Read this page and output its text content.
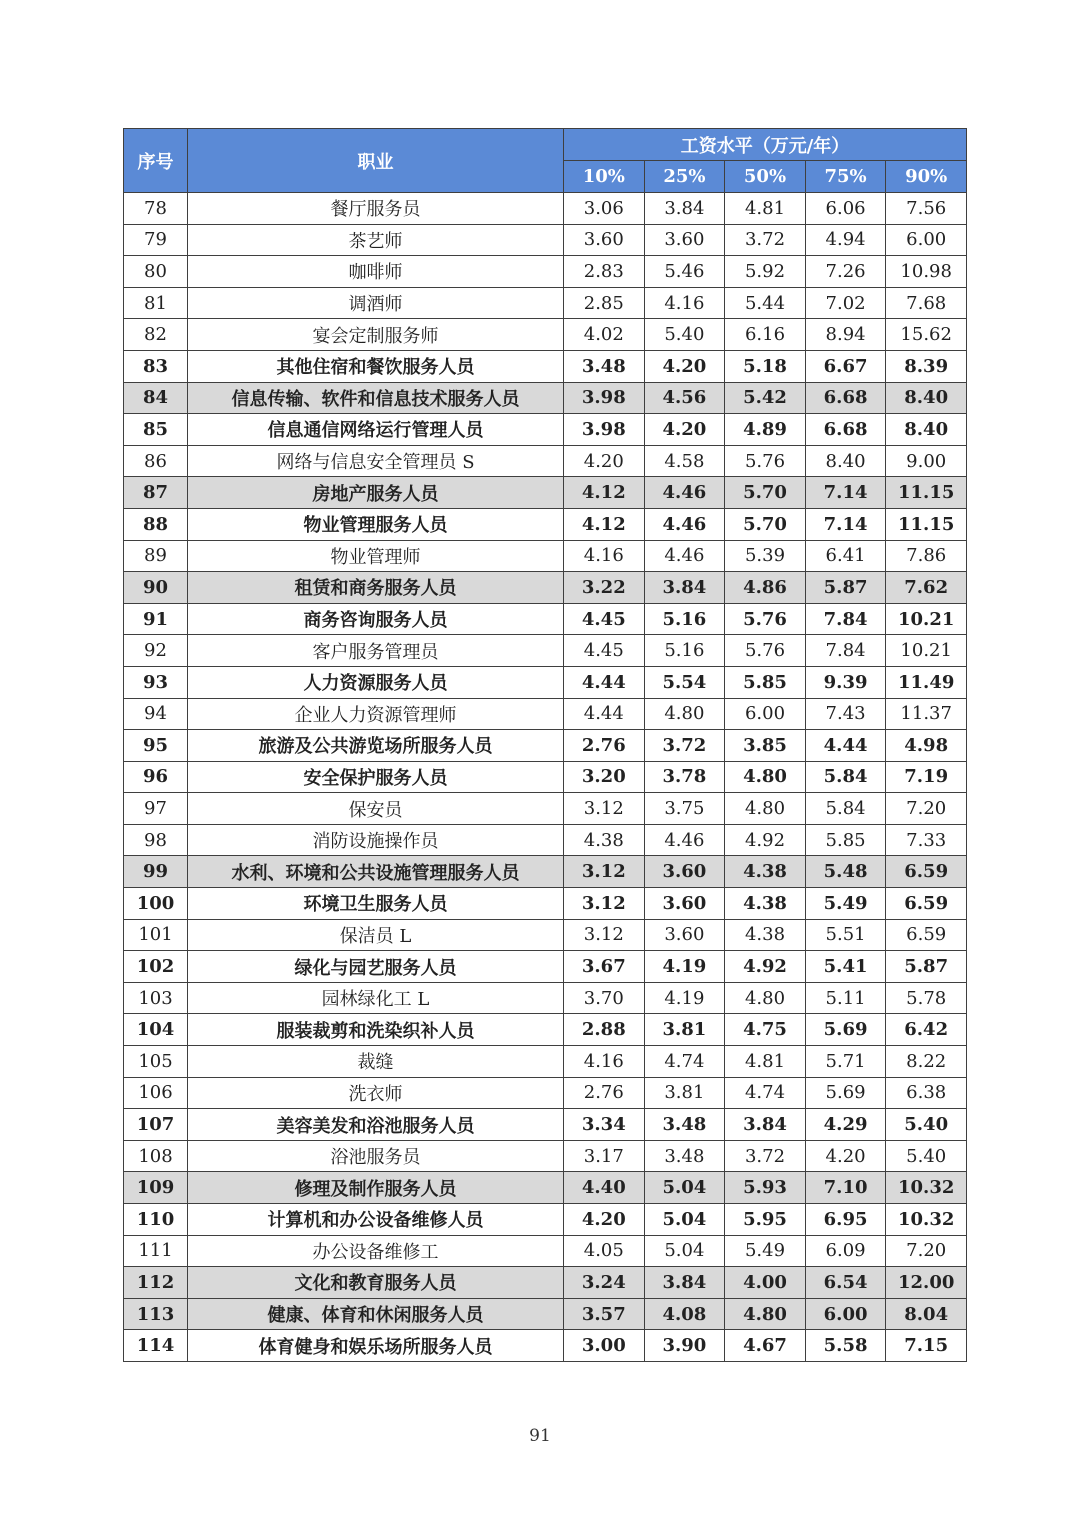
序号	职业	工资水平（万元/年）				
		10%	25%	50%	75%	90%
78	餐厅服务员	3.06	3.84	4.81	6.06	7.56
79	茶艺师	3.60	3.60	3.72	4.94	6.00
80	咖啡师	2.83	5.46	5.92	7.26	10.98
81	调酒师	2.85	4.16	5.44	7.02	7.68
82	宴会定制服务师	4.02	5.40	6.16	8.94	15.62
83	其他住宿和餐饮服务人员	3.48	4.20	5.18	6.67	8.39
84	信息传输、软件和信息技术服务人员	3.98	4.56	5.42	6.68	8.40
85	信息通信网络运行管理人员	3.98	4.20	4.89	6.68	8.40
86	网络与信息安全管理员 S	4.20	4.58	5.76	8.40	9.00
87	房地产服务人员	4.12	4.46	5.70	7.14	11.15
88	物业管理服务人员	4.12	4.46	5.70	7.14	11.15
89	物业管理师	4.16	4.46	5.39	6.41	7.86
90	租赁和商务服务人员	3.22	3.84	4.86	5.87	7.62
91	商务咨询服务人员	4.45	5.16	5.76	7.84	10.21
92	客户服务管理员	4.45	5.16	5.76	7.84	10.21
93	人力资源服务人员	4.44	5.54	5.85	9.39	11.49
94	企业人力资源管理师	4.44	4.80	6.00	7.43	11.37
95	旅游及公共游览场所服务人员	2.76	3.72	3.85	4.44	4.98
96	安全保护服务人员	3.20	3.78	4.80	5.84	7.19
97	保安员	3.12	3.75	4.80	5.84	7.20
98	消防设施操作员	4.38	4.46	4.92	5.85	7.33
99	水利、环境和公共设施管理服务人员	3.12	3.60	4.38	5.48	6.59
100	环境卫生服务人员	3.12	3.60	4.38	5.49	6.59
101	保洁员 L	3.12	3.60	4.38	5.51	6.59
102	绿化与园艺服务人员	3.67	4.19	4.92	5.41	5.87
103	园林绿化工 L	3.70	4.19	4.80	5.11	5.78
104	服装裁剪和洗染织补人员	2.88	3.81	4.75	5.69	6.42
105	裁缝	4.16	4.74	4.81	5.71	8.22
106	洗衣师	2.76	3.81	4.74	5.69	6.38
107	美容美发和浴池服务人员	3.34	3.48	3.84	4.29	5.40
108	浴池服务员	3.17	3.48	3.72	4.20	5.40
109	修理及制作服务人员	4.40	5.04	5.93	7.10	10.32
110	计算机和办公设备维修人员	4.20	5.04	5.95	6.95	10.32
111	办公设备维修工	4.05	5.04	5.49	6.09	7.20
112	文化和教育服务人员	3.24	3.84	4.00	6.54	12.00
113	健康、体育和休闲服务人员	3.57	4.08	4.80	6.00	8.04
114	体育健身和娱乐场所服务人员	3.00	3.90	4.67	5.58	7.15
91
